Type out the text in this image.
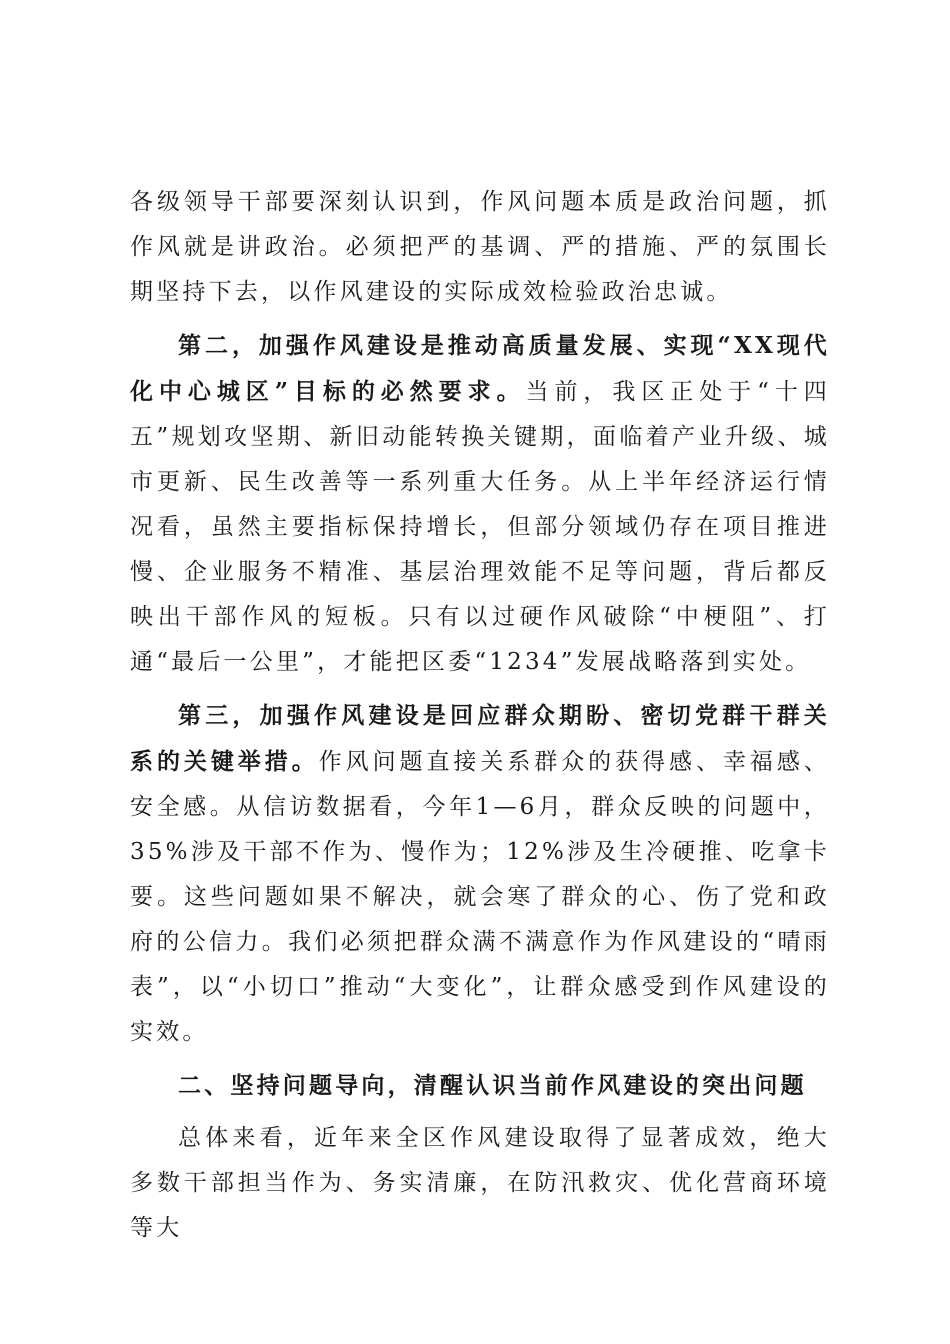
各级领导干部要深刻认识到，作风问题本质是政治问题，抓作风就是讲政治。必须把严的基调、严的措施、严的氛围长期坚持下去，以作风建设的实际成效检验政治忠诚。

第二，加强作风建设是推动高质量发展、实现“XX现代化中心城区”目标的必然要求。当前，我区正处于“十四五”规划攻坚期、新旧动能转换关键期，面临着产业升级、城市更新、民生改善等一系列重大任务。从上半年经济运行情况看，虽然主要指标保持增长，但部分领域仍存在项目推进慢、企业服务不精准、基层治理效能不足等问题，背后都反映出干部作风的短板。只有以过硬作风破除“中梗阻”、打通“最后一公里”，才能把区委“1234”发展战略落到实处。

第三，加强作风建设是回应群众期盼、密切党群干群关系的关键举措。作风问题直接关系群众的获得感、幸福感、安全感。从信访数据看，今年1—6月，群众反映的问题中，35%涉及干部不作为、慢作为；12%涉及生冷硬推、吃拿卡要。这些问题如果不解决，就会寒了群众的心、伤了党和政府的公信力。我们必须把群众满不满意作为作风建设的“晴雨表”，以“小切口”推动“大变化”，让群众感受到作风建设的实效。

二、坚持问题导向，清醒认识当前作风建设的突出问题

总体来看，近年来全区作风建设取得了显著成效，绝大多数干部担当作为、务实清廉，在防汛救灾、优化营商环境等大
